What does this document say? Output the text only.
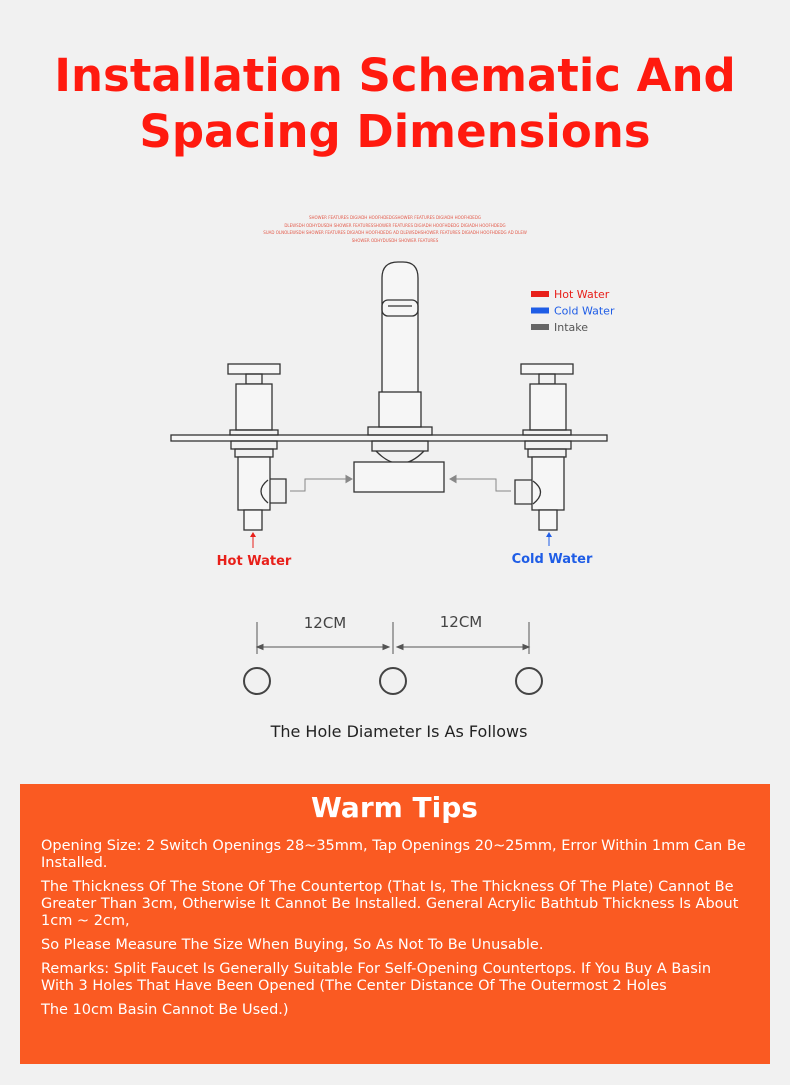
Installation Schematic And
Spacing Dimensions
SHOWER FEATURES DIGIADH HOOFHDEDGSHOWER FEATURES DIGIADH HOOFHDEDG
DLEWSDH ODHYDUSDH SHOWER FEATURESSHOWER FEATURES DIGIADH HOOFHDEDG DIGIADH HOOFHDEDG
SUAD OLNOLEWSDH SHOWER FEATURES DIGIADH HOOFHDEDG AD DLEWSDHSHOWER FEATURES DIGIADH HOOFHDEDG AD DLEW
SHOWER ODHYDUSDH SHOWER FEATURES
Hot Water	Cold Water
Hot Water
Cold Water
Intake
12CM	12CM
The Hole Diameter Is As Follows
Warm Tips

Opening Size: 2 Switch Openings 28~35mm, Tap Openings 20~25mm, Error Within 1mm Can Be Installed.

The Thickness Of The Stone Of The Countertop (That Is, The Thickness Of The Plate) Cannot Be Greater Than 3cm, Otherwise It Cannot Be Installed. General Acrylic Bathtub Thickness Is About 1cm ~ 2cm,

So Please Measure The Size When Buying, So As Not To Be Unusable.

Remarks: Split Faucet Is Generally Suitable For Self-Opening Countertops. If You Buy A Basin With 3 Holes That Have Been Opened (The Center Distance Of The Outermost 2 Holes

The 10cm Basin Cannot Be Used.)
